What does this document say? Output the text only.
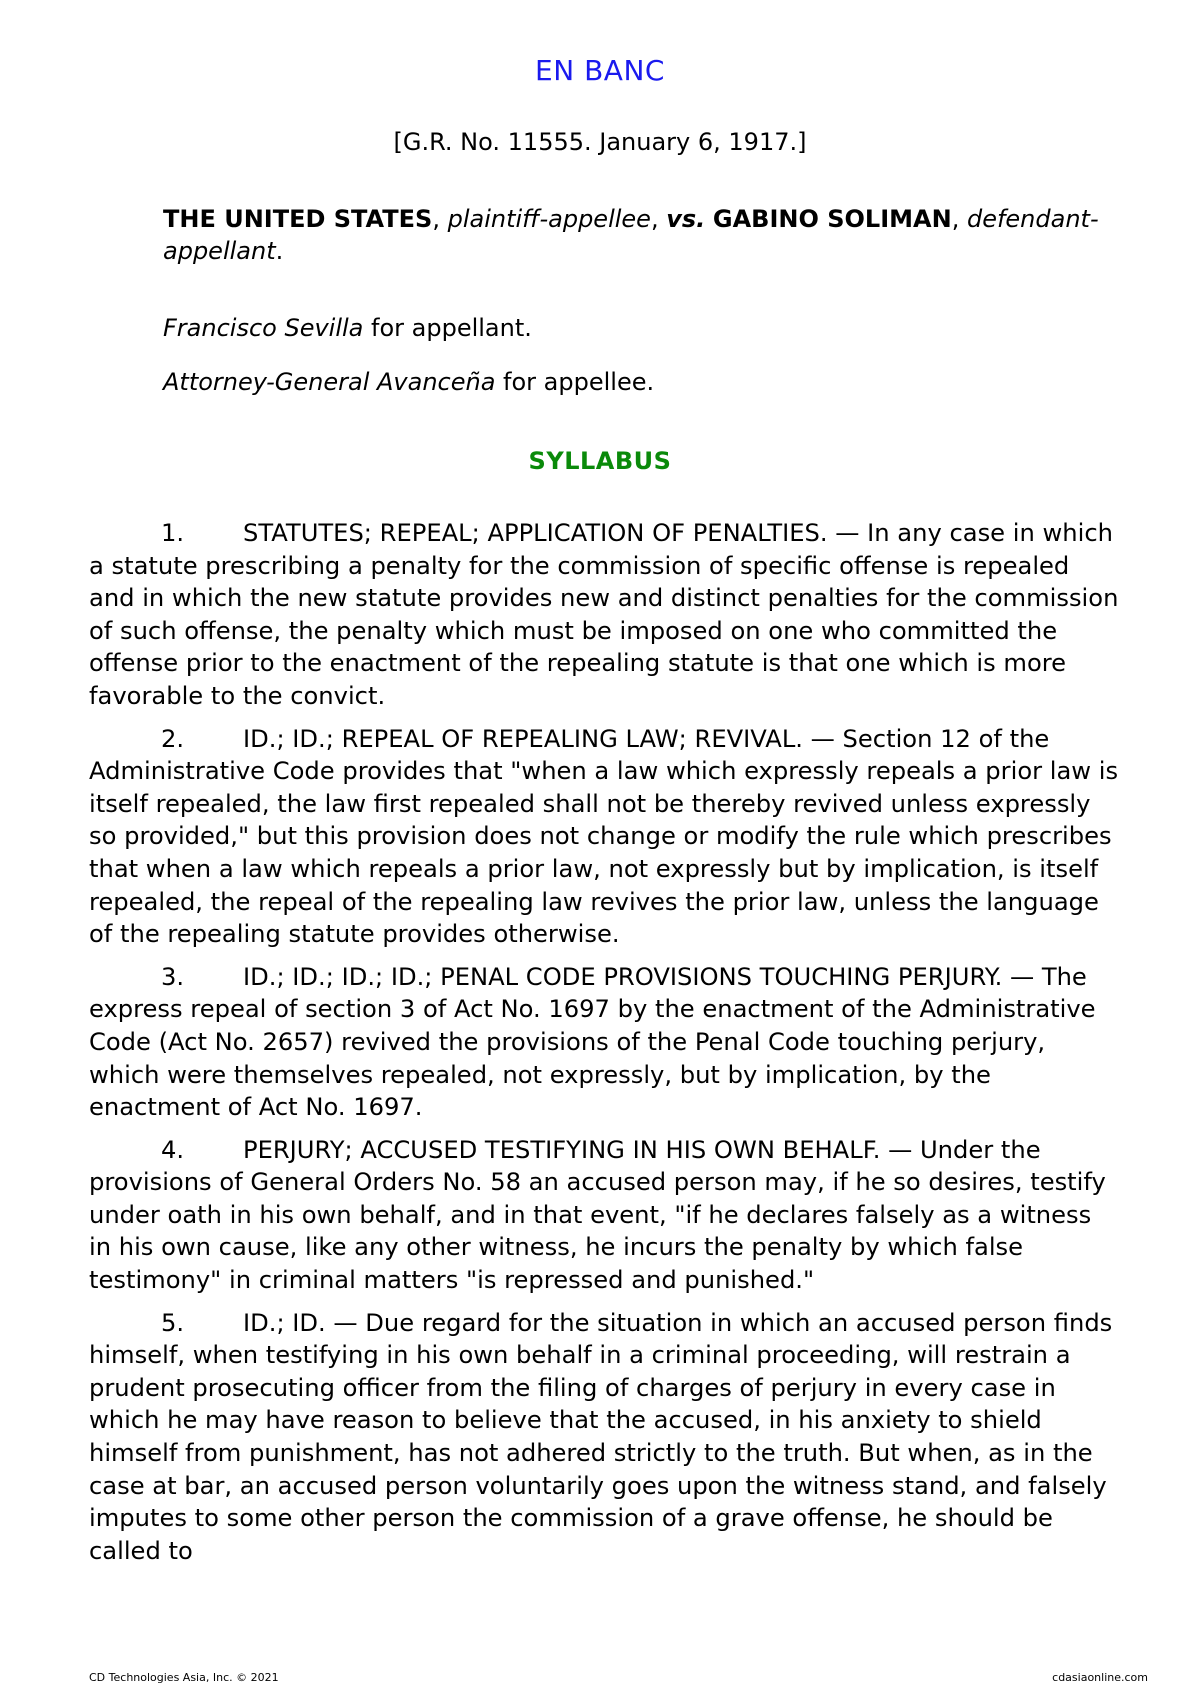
EN BANC
[G.R. No. 11555. January 6, 1917.]
THE UNITED STATES, plaintiff-appellee, vs. GABINO SOLIMAN, defendant-appellant.
Francisco Sevilla for appellant.
Attorney-General Avanceña for appellee.
SYLLABUS

1. STATUTES; REPEAL; APPLICATION OF PENALTIES. — In any case in which a statute prescribing a penalty for the commission of specific offense is repealed and in which the new statute provides new and distinct penalties for the commission of such offense, the penalty which must be imposed on one who committed the offense prior to the enactment of the repealing statute is that one which is more favorable to the convict.

2. ID.; ID.; REPEAL OF REPEALING LAW; REVIVAL. — Section 12 of the Administrative Code provides that "when a law which expressly repeals a prior law is itself repealed, the law first repealed shall not be thereby revived unless expressly so provided," but this provision does not change or modify the rule which prescribes that when a law which repeals a prior law, not expressly but by implication, is itself repealed, the repeal of the repealing law revives the prior law, unless the language of the repealing statute provides otherwise.

3. ID.; ID.; ID.; ID.; PENAL CODE PROVISIONS TOUCHING PERJURY. — The express repeal of section 3 of Act No. 1697 by the enactment of the Administrative Code (Act No. 2657) revived the provisions of the Penal Code touching perjury, which were themselves repealed, not expressly, but by implication, by the enactment of Act No. 1697.

4. PERJURY; ACCUSED TESTIFYING IN HIS OWN BEHALF. — Under the provisions of General Orders No. 58 an accused person may, if he so desires, testify under oath in his own behalf, and in that event, "if he declares falsely as a witness in his own cause, like any other witness, he incurs the penalty by which false testimony" in criminal matters "is repressed and punished."

5. ID.; ID. — Due regard for the situation in which an accused person finds himself, when testifying in his own behalf in a criminal proceeding, will restrain a prudent prosecuting officer from the filing of charges of perjury in every case in which he may have reason to believe that the accused, in his anxiety to shield himself from punishment, has not adhered strictly to the truth. But when, as in the case at bar, an accused person voluntarily goes upon the witness stand, and falsely imputes to some other person the commission of a grave offense, he should be called to

CD Technologies Asia, Inc. © 2021	cdasiaonline.com
